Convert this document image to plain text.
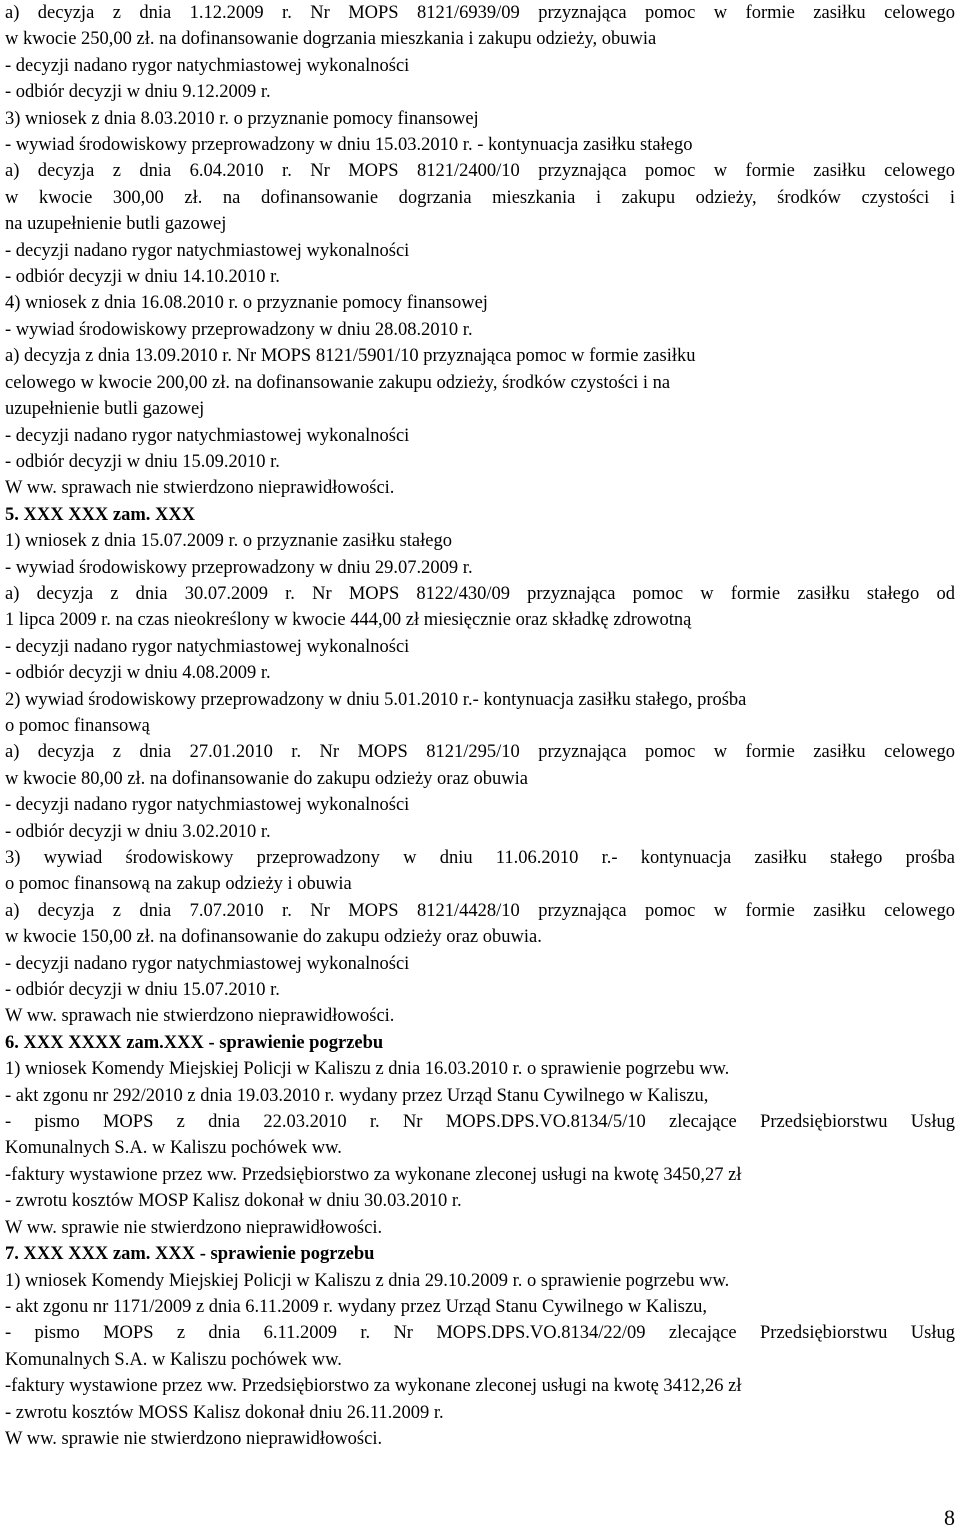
a) decyzja z dnia 1.12.2009 r. Nr MOPS 8121/6939/09 przyznająca pomoc w formie zasiłku celowego

w kwocie 250,00 zł. na dofinansowanie dogrzania mieszkania i zakupu odzieży, obuwia

- decyzji nadano rygor natychmiastowej wykonalności

- odbiór decyzji w dniu 9.12.2009 r.

3) wniosek z dnia 8.03.2010 r. o przyznanie pomocy finansowej

- wywiad środowiskowy przeprowadzony w dniu 15.03.2010 r. - kontynuacja zasiłku stałego

a) decyzja z dnia 6.04.2010 r. Nr MOPS 8121/2400/10 przyznająca pomoc w formie zasiłku celowego

w kwocie 300,00 zł. na dofinansowanie dogrzania mieszkania i zakupu odzieży, środków czystości i

na uzupełnienie butli gazowej

- decyzji nadano rygor natychmiastowej wykonalności

- odbiór decyzji w dniu 14.10.2010 r.

4) wniosek z dnia 16.08.2010 r. o przyznanie pomocy finansowej

- wywiad środowiskowy przeprowadzony w dniu 28.08.2010 r.

a) decyzja z dnia 13.09.2010 r. Nr MOPS 8121/5901/10 przyznająca pomoc w formie zasiłku

celowego w kwocie 200,00 zł. na dofinansowanie zakupu odzieży, środków czystości i na

uzupełnienie butli gazowej

- decyzji nadano rygor natychmiastowej wykonalności

- odbiór decyzji w dniu 15.09.2010 r.

W ww. sprawach nie stwierdzono nieprawidłowości.

5. XXX XXX zam. XXX

1) wniosek z dnia 15.07.2009 r. o przyznanie zasiłku stałego

- wywiad środowiskowy przeprowadzony w dniu 29.07.2009 r.

a) decyzja z dnia 30.07.2009 r. Nr MOPS 8122/430/09 przyznająca pomoc w formie zasiłku stałego od

1 lipca 2009 r. na czas nieokreślony w kwocie 444,00 zł miesięcznie oraz składkę zdrowotną

- decyzji nadano rygor natychmiastowej wykonalności

- odbiór decyzji w dniu 4.08.2009 r.

2) wywiad środowiskowy przeprowadzony w dniu 5.01.2010 r.- kontynuacja zasiłku stałego, prośba

o pomoc finansową

a) decyzja z dnia 27.01.2010 r. Nr MOPS 8121/295/10 przyznająca pomoc w formie zasiłku celowego

w kwocie 80,00 zł. na dofinansowanie do zakupu odzieży oraz obuwia

- decyzji nadano rygor natychmiastowej wykonalności

- odbiór decyzji w dniu 3.02.2010 r.

3) wywiad środowiskowy przeprowadzony w dniu 11.06.2010 r.- kontynuacja zasiłku stałego prośba

o pomoc finansową na zakup odzieży i obuwia

a) decyzja z dnia 7.07.2010 r. Nr MOPS 8121/4428/10 przyznająca pomoc w formie zasiłku celowego

w kwocie 150,00 zł. na dofinansowanie do zakupu odzieży oraz obuwia.

- decyzji nadano rygor natychmiastowej wykonalności

- odbiór decyzji w dniu 15.07.2010 r.

W ww. sprawach nie stwierdzono nieprawidłowości.

6. XXX XXXX zam.XXX - sprawienie pogrzebu

1) wniosek Komendy Miejskiej Policji w Kaliszu z dnia 16.03.2010 r. o sprawienie pogrzebu ww.

- akt zgonu nr 292/2010 z dnia 19.03.2010 r. wydany przez Urząd Stanu Cywilnego w Kaliszu,

- pismo MOPS z dnia 22.03.2010 r. Nr MOPS.DPS.VO.8134/5/10 zlecające Przedsiębiorstwu Usług

Komunalnych S.A. w Kaliszu pochówek ww.

-faktury wystawione przez ww. Przedsiębiorstwo za wykonane zleconej usługi na kwotę 3450,27 zł

- zwrotu kosztów MOSP Kalisz dokonał w dniu 30.03.2010 r.

W ww. sprawie nie stwierdzono nieprawidłowości.

7. XXX XXX zam. XXX - sprawienie pogrzebu

1) wniosek Komendy Miejskiej Policji w Kaliszu z dnia 29.10.2009 r. o sprawienie pogrzebu ww.

- akt zgonu nr 1171/2009 z dnia 6.11.2009 r. wydany przez Urząd Stanu Cywilnego w Kaliszu,

- pismo MOPS z dnia 6.11.2009 r. Nr MOPS.DPS.VO.8134/22/09 zlecające Przedsiębiorstwu Usług

Komunalnych S.A. w Kaliszu pochówek ww.

-faktury wystawione przez ww. Przedsiębiorstwo za wykonane zleconej usługi na kwotę 3412,26 zł

- zwrotu kosztów MOSS Kalisz dokonał dniu 26.11.2009 r.

W ww. sprawie nie stwierdzono nieprawidłowości.

8
